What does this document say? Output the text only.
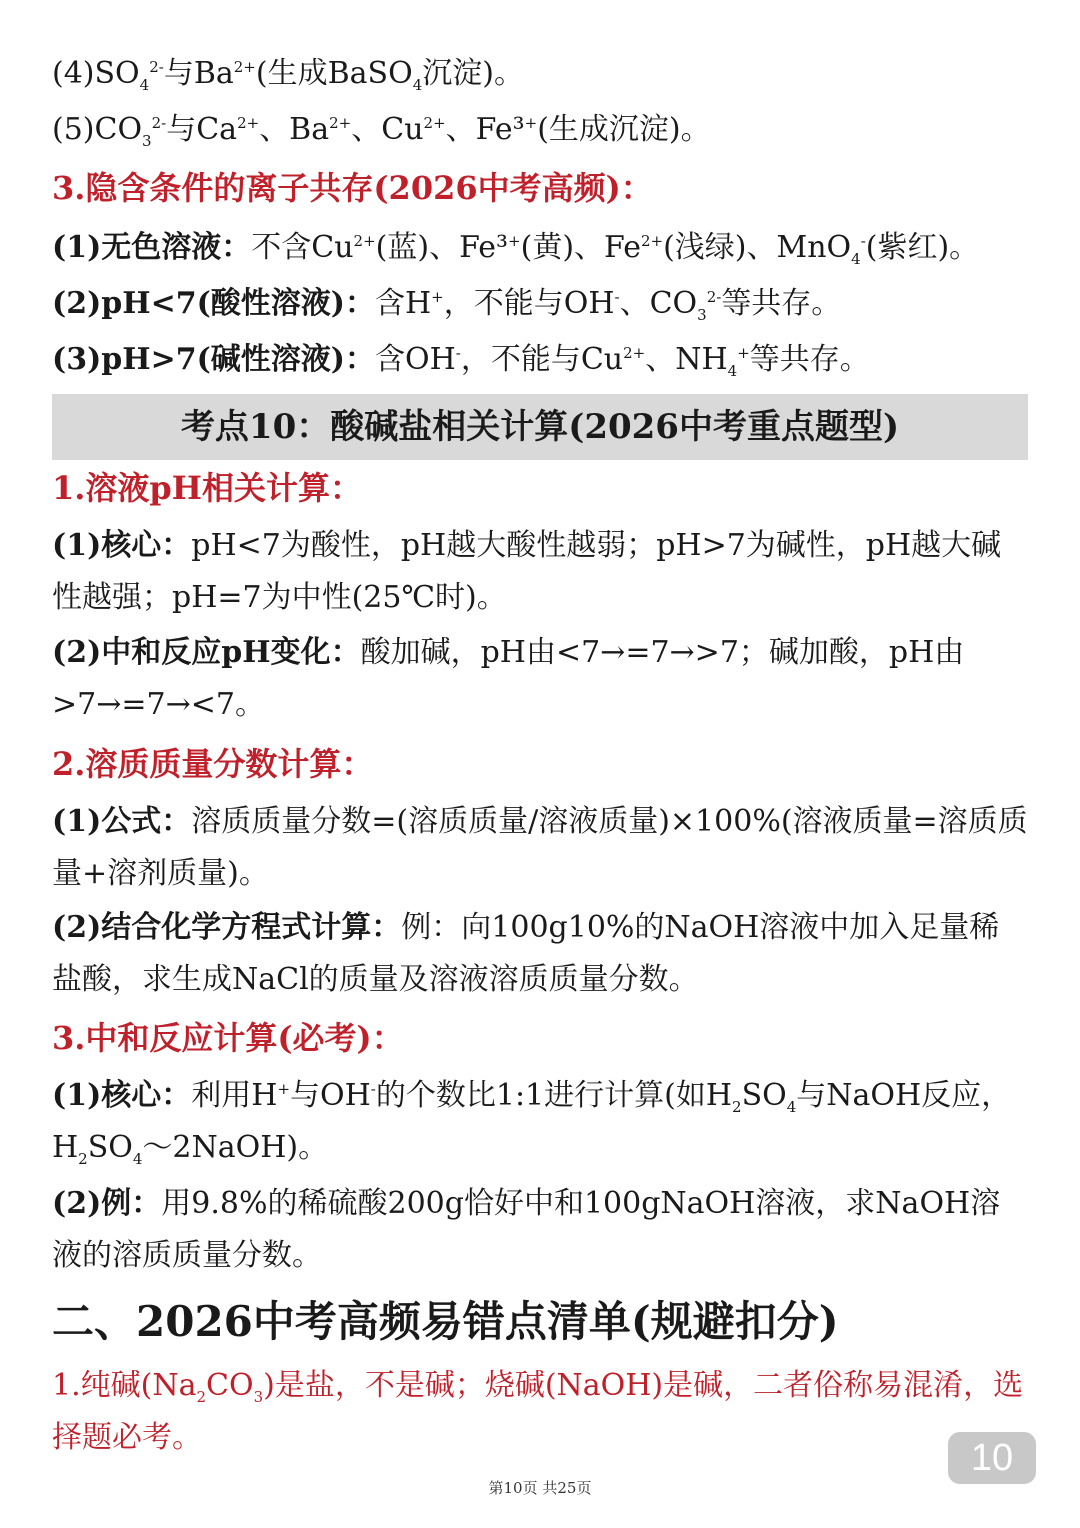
$(4)SO_4^{2-}$与$Ba^{2+}$(生成BaSO$_4$沉淀)。
$(5)CO_3^{2-}$与$Ca^{2+}$、$Ba^{2+}$、$Cu^{2+}$、Fe³+(生成沉淀)。
3.隐含条件的离子共存(2026中考高频)：
(1)无色溶液：不含$Cu^{2+}$(蓝)、Fe³+(黄)、$Fe^{2+}$(浅绿)、MnO$_4$-(紫红)。
(2)pH<7(酸性溶液)：含H+，不能与OH-、$CO_3^{2-}$等共存。
(3)pH>7(碱性溶液)：含OH-，不能与$Cu^{2+}$、$NH_4^+$等共存。
考点10：酸碱盐相关计算(2026中考重点题型)
1.溶液pH相关计算：
(1)核心：pH<7为酸性，pH越大酸性越弱；pH>7为碱性，pH越大碱性越强；pH=7为中性(25℃时)。
(2)中和反应pH变化：酸加碱，pH由<7→=7→>7；碱加酸，pH由>7→=7→<7。
2.溶质质量分数计算：
(1)公式：溶质质量分数=(溶质质量/溶液质量)×100%(溶液质量=溶质质量+溶剂质量)。
(2)结合化学方程式计算：例：向100g10%的NaOH溶液中加入足量稀盐酸，求生成NaCl的质量及溶液溶质质量分数。
3.中和反应计算(必考)：
(1)核心：利用H+与OH-的个数比1:1进行计算(如$H_2SO_4$与NaOH反应，$H_2SO_4\sim 2NaOH$)。
(2)例：用9.8%的稀硫酸200g恰好中和100gNaOH溶液，求NaOH溶液的溶质质量分数。
二、2026中考高频易错点清单(规避扣分)
1.纯碱$(Na_2CO_3)$是盐，不是碱；烧碱(NaOH)是碱，二者俗称易混淆，选择题必考。	10
第10页 共25页
